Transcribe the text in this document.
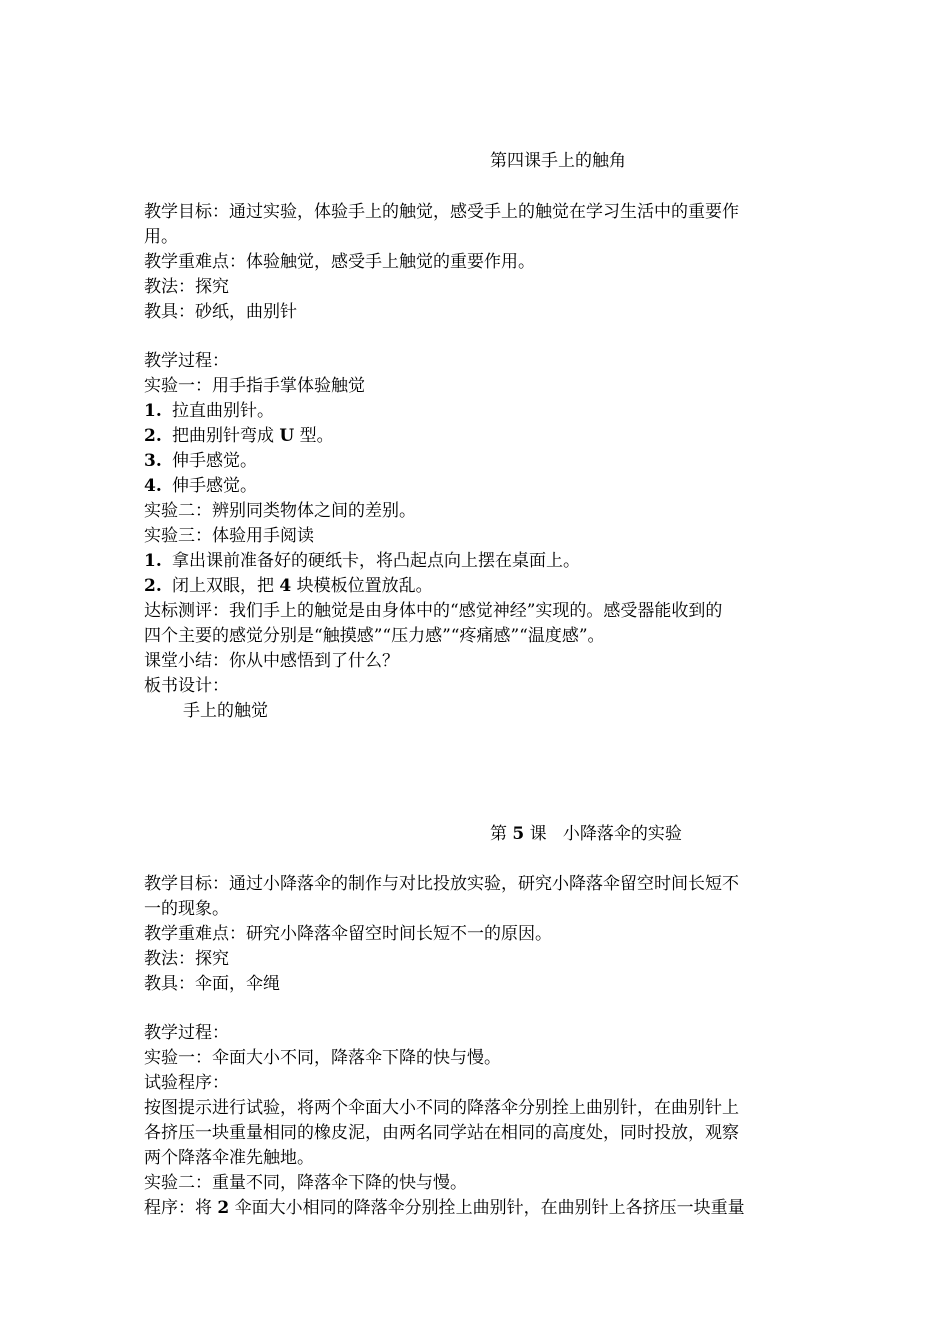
第四课手上的触角
教学目标：通过实验，体验手上的触觉，感受手上的触觉在学习生活中的重要作
用。
教学重难点：体验触觉，感受手上触觉的重要作用。
教法：探究
教具：砂纸，曲别针
教学过程：
实验一：用手指手掌体验触觉
1. 拉直曲别针。
2. 把曲别针弯成 U 型。
3. 伸手感觉。
4. 伸手感觉。
实验二：辨别同类物体之间的差别。
实验三：体验用手阅读
1. 拿出课前准备好的硬纸卡，将凸起点向上摆在桌面上。
2. 闭上双眼，把 4 块模板位置放乱。
达标测评：我们手上的触觉是由身体中的“感觉神经”实现的。感受器能收到的
四个主要的感觉分别是“触摸感”“压力感”“疼痛感”“温度感”。
课堂小结：你从中感悟到了什么？
板书设计：
手上的触觉
第 5 课   小降落伞的实验
教学目标：通过小降落伞的制作与对比投放实验，研究小降落伞留空时间长短不
一的现象。
教学重难点：研究小降落伞留空时间长短不一的原因。
教法：探究
教具：伞面，伞绳
教学过程：
实验一：伞面大小不同，降落伞下降的快与慢。
试验程序：
按图提示进行试验，将两个伞面大小不同的降落伞分别拴上曲别针，在曲别针上
各挤压一块重量相同的橡皮泥，由两名同学站在相同的高度处，同时投放，观察
两个降落伞准先触地。
实验二：重量不同，降落伞下降的快与慢。
程序：将 2 伞面大小相同的降落伞分别拴上曲别针，在曲别针上各挤压一块重量
